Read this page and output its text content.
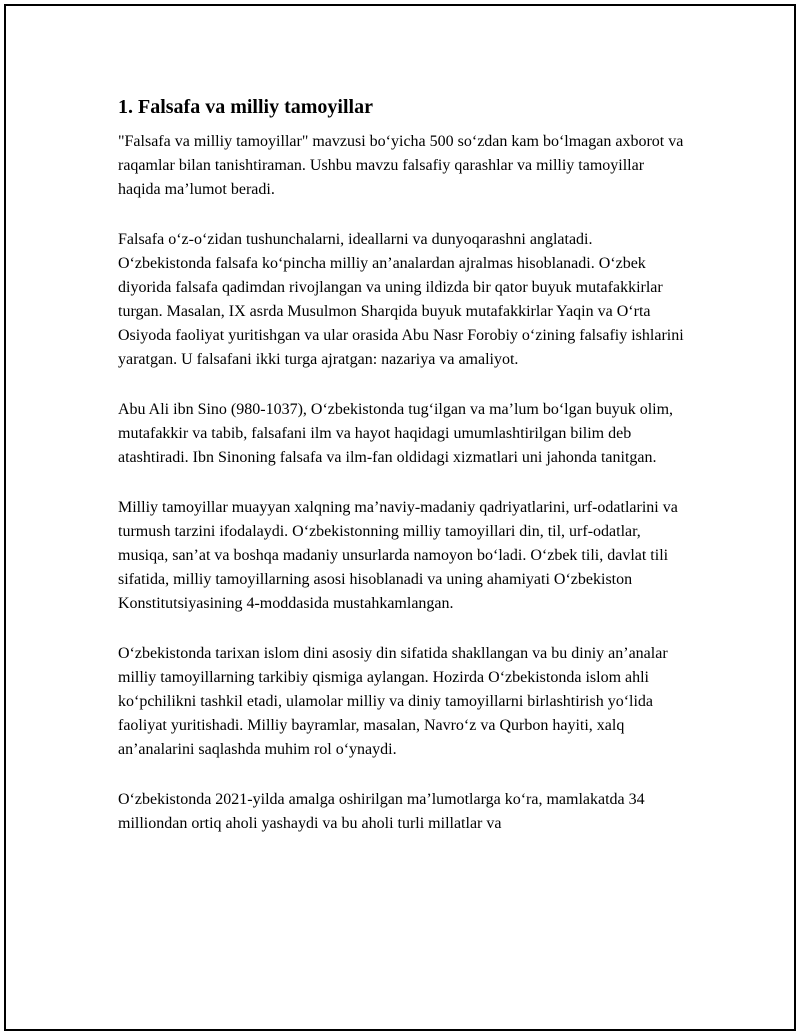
1. Falsafa va milliy tamoyillar

"Falsafa va milliy tamoyillar" mavzusi boʻyicha 500 soʻzdan kam boʻlmagan axborot va raqamlar bilan tanishtiraman. Ushbu mavzu falsafiy qarashlar va milliy tamoyillar haqida maʼlumot beradi.

Falsafa oʻz-oʻzidan tushunchalarni, ideallarni va dunyoqarashni anglatadi. Oʻzbekistonda falsafa koʻpincha milliy anʼanalardan ajralmas hisoblanadi. Oʻzbek diyorida falsafa qadimdan rivojlangan va uning ildizda bir qator buyuk mutafakkirlar turgan. Masalan, IX asrda Musulmon Sharqida buyuk mutafakkirlar Yaqin va Oʻrta Osiyoda faoliyat yuritishgan va ular orasida Abu Nasr Forobiy oʻzining falsafiy ishlarini yaratgan. U falsafani ikki turga ajratgan: nazariya va amaliyot.

Abu Ali ibn Sino (980-1037), Oʻzbekistonda tugʻilgan va maʼlum boʻlgan buyuk olim, mutafakkir va tabib, falsafani ilm va hayot haqidagi umumlashtirilgan bilim deb atashtiradi. Ibn Sinoning falsafa va ilm-fan oldidagi xizmatlari uni jahonda tanitgan.

Milliy tamoyillar muayyan xalqning maʼnaviy-madaniy qadriyatlarini, urf-odatlarini va turmush tarzini ifodalaydi. Oʻzbekistonning milliy tamoyillari din, til, urf-odatlar, musiqa, sanʼat va boshqa madaniy unsurlarda namoyon boʻladi. Oʻzbek tili, davlat tili sifatida, milliy tamoyillarning asosi hisoblanadi va uning ahamiyati Oʻzbekiston Konstitutsiyasining 4-moddasida mustahkamlangan.

Oʻzbekistonda tarixan islom dini asosiy din sifatida shakllangan va bu diniy anʼanalar milliy tamoyillarning tarkibiy qismiga aylangan. Hozirda Oʻzbekistonda islom ahli koʻpchilikni tashkil etadi, ulamolar milliy va diniy tamoyillarni birlashtirish yoʻlida faoliyat yuritishadi. Milliy bayramlar, masalan, Navroʻz va Qurbon hayiti, xalq anʼanalarini saqlashda muhim rol oʻynaydi.

Oʻzbekistonda 2021-yilda amalga oshirilgan maʼlumotlarga koʻra, mamlakatda 34 milliondan ortiq aholi yashaydi va bu aholi turli millatlar va
